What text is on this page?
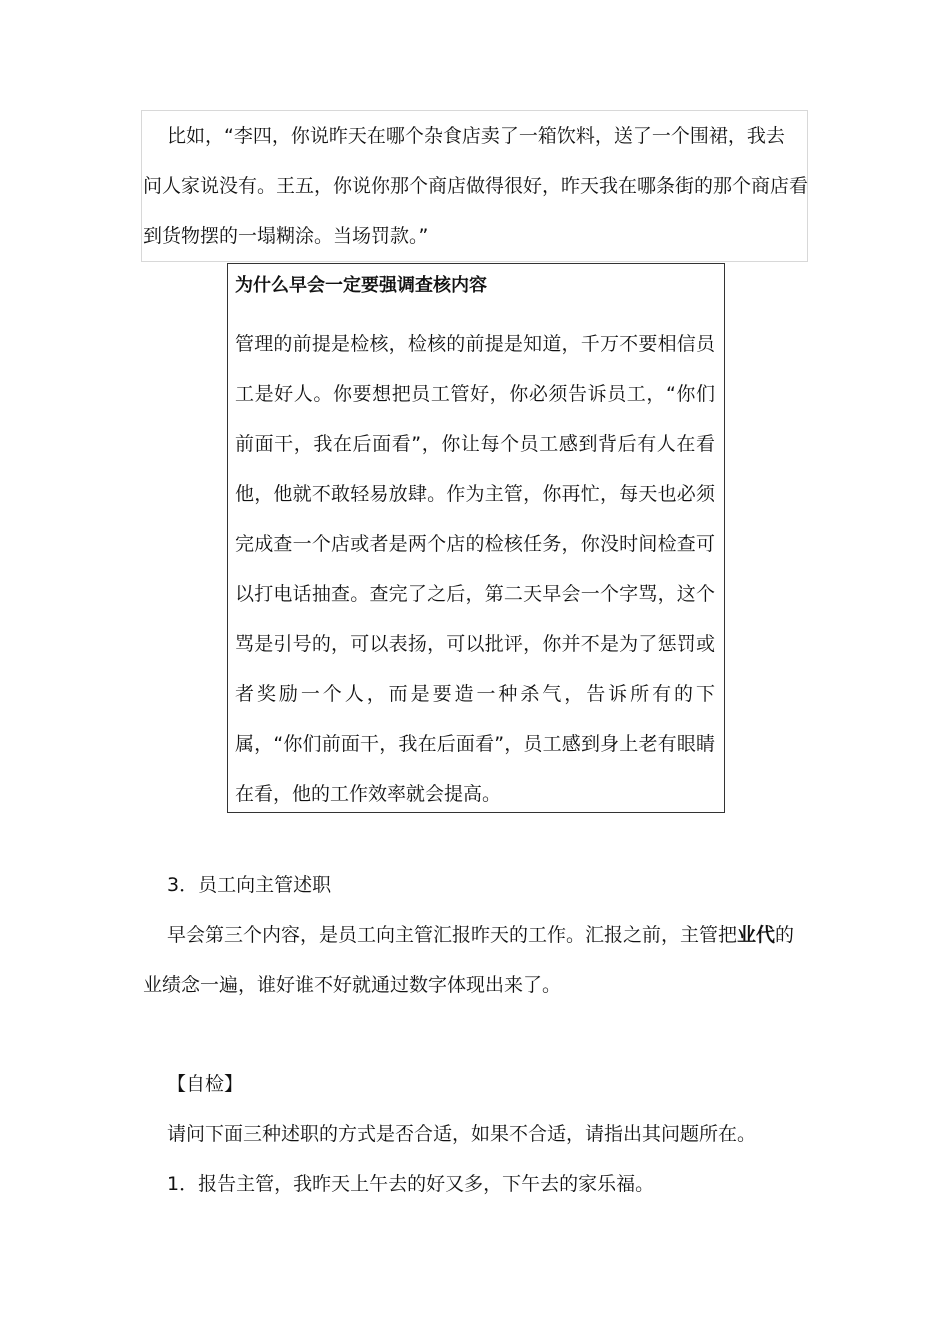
比如，“李四，你说昨天在哪个杂食店卖了一箱饮料，送了一个围裙，我去
问人家说没有。王五，你说你那个商店做得很好，昨天我在哪条街的那个商店看
到货物摆的一塌糊涂。当场罚款。”
为什么早会一定要强调查核内容

管理的前提是检核，检核的前提是知道，千万不要相信员工是好人。你要想把员工管好，你必须告诉员工，“你们前面干，我在后面看”，你让每个员工感到背后有人在看他，他就不敢轻易放肆。作为主管，你再忙，每天也必须完成查一个店或者是两个店的检核任务，你没时间检查可以打电话抽查。查完了之后，第二天早会一个字骂，这个骂是引号的，可以表扬，可以批评，你并不是为了惩罚或者奖励一个人，而是要造一种杀气，告诉所有的下属，“你们前面干，我在后面看”，员工感到身上老有眼睛在看，他的工作效率就会提高。

3．员工向主管述职
早会第三个内容，是员工向主管汇报昨天的工作。汇报之前，主管把业代的
业绩念一遍，谁好谁不好就通过数字体现出来了。
【自检】
请问下面三种述职的方式是否合适，如果不合适，请指出其问题所在。
1．报告主管，我昨天上午去的好又多，下午去的家乐福。
